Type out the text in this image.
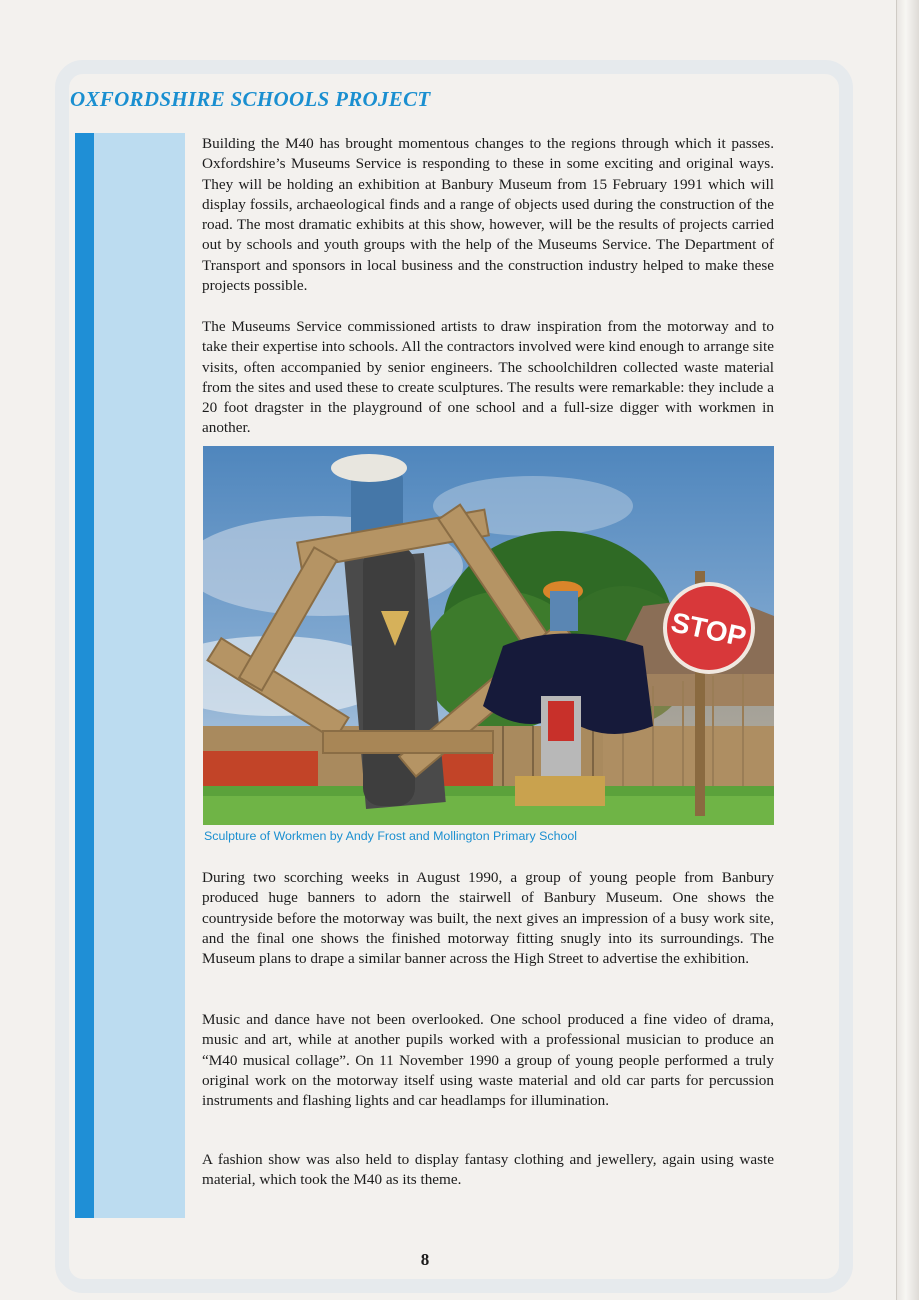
OXFORDSHIRE SCHOOLS PROJECT

Building the M40 has brought momentous changes to the regions through which it passes. Oxfordshire’s Museums Service is responding to these in some exciting and original ways. They will be holding an exhibition at Banbury Museum from 15 February 1991 which will display fossils, archaeological finds and a range of objects used during the construction of the road. The most dramatic exhibits at this show, however, will be the results of projects carried out by schools and youth groups with the help of the Museums Service. The Department of Transport and sponsors in local business and the construction industry helped to make these projects possible.

The Museums Service commissioned artists to draw inspiration from the motorway and to take their expertise into schools. All the contractors involved were kind enough to arrange site visits, often accompanied by senior engineers. The schoolchildren collected waste material from the sites and used these to create sculptures. The results were remarkable: they include a 20 foot dragster in the playground of one school and a full-size digger with workmen in another.

STOP

Sculpture of Workmen by Andy Frost and Mollington Primary School

During two scorching weeks in August 1990, a group of young people from Banbury produced huge banners to adorn the stairwell of Banbury Museum. One shows the countryside before the motorway was built, the next gives an impression of a busy work site, and the final one shows the finished motorway fitting snugly into its surroundings. The Museum plans to drape a similar banner across the High Street to advertise the exhibition.

Music and dance have not been overlooked. One school produced a fine video of drama, music and art, while at another pupils worked with a professional musician to produce an “M40 musical collage”. On 11 November 1990 a group of young people performed a truly original work on the motorway itself using waste material and old car parts for percussion instruments and flashing lights and car headlamps for illumination.

A fashion show was also held to display fantasy clothing and jewellery, again using waste material, which took the M40 as its theme.

8
